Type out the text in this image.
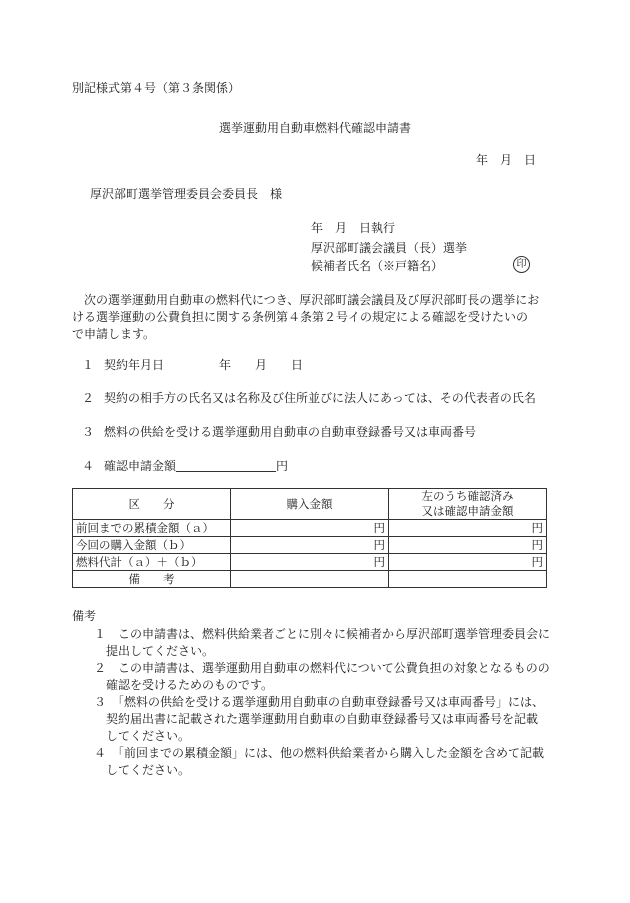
別記様式第４号（第３条関係）
選挙運動用自動車燃料代確認申請書
年　月　日
厚沢部町選挙管理委員会委員長　様
年　月　日執行
厚沢部町議会議員（長）選挙
候補者氏名（※戸籍名）	印
　次の選挙運動用自動車の燃料代につき、厚沢部町議会議員及び厚沢部町長の選挙にお
ける選挙運動の公費負担に関する条例第４条第２号イの規定による確認を受けたいの
で申請します。
１ 契約年月日	年　　月　　日
２ 契約の相手方の氏名又は名称及び住所並びに法人にあっては、その代表者の氏名
３ 燃料の供給を受ける選挙運動用自動車の自動車登録番号又は車両番号
４ 確認申請金額	円
区　　分	購入金額	左のうち確認済み
又は確認申請金額

前回までの累積金額（ａ）	円	円
今回の購入金額（ｂ）	円	円
燃料代計（ａ）＋（ｂ）	円	円
備　　考		
備考
１　この申請書は、燃料供給業者ごとに別々に候補者から厚沢部町選挙管理委員会に
提出してください。
２　この申請書は、選挙運動用自動車の燃料代について公費負担の対象となるものの
確認を受けるためのものです。
３　「燃料の供給を受ける選挙運動用自動車の自動車登録番号又は車両番号」には、
契約届出書に記載された選挙運動用自動車の自動車登録番号又は車両番号を記載
してください。
４　「前回までの累積金額」には、他の燃料供給業者から購入した金額を含めて記載
してください。
